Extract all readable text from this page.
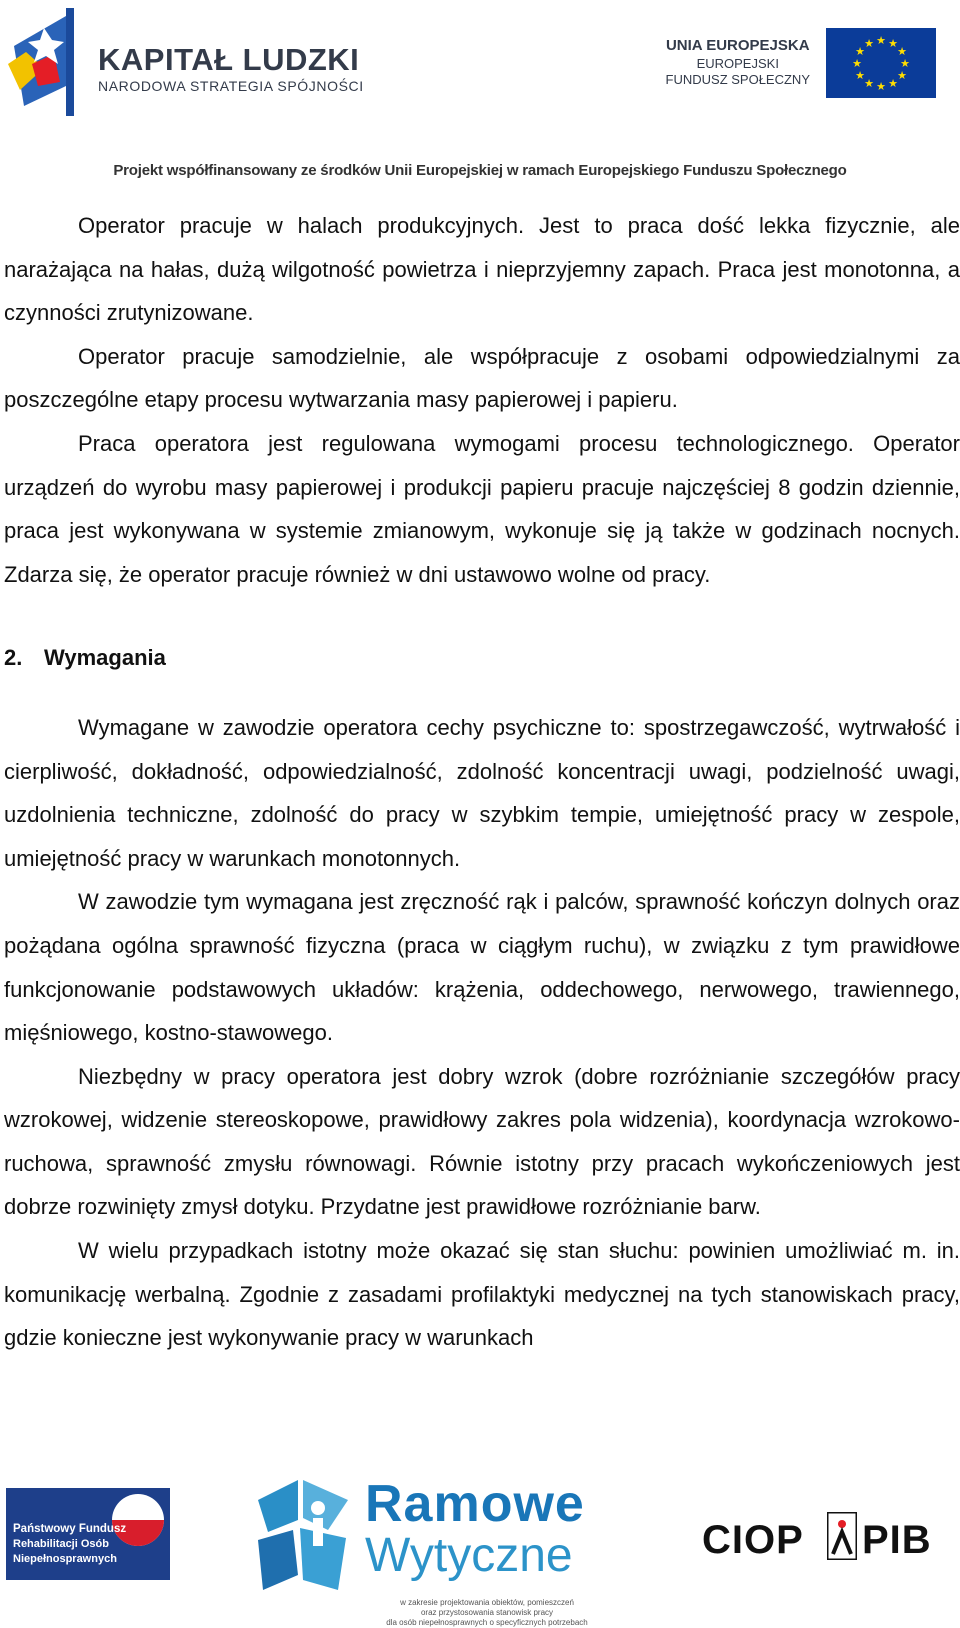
KAPITAŁ LUDZKI
NARODOWA STRATEGIA SPÓJNOŚCI
UNIA EUROPEJSKA
EUROPEJSKI
FUNDUSZ SPOŁECZNY
★ ★
★
★
★
★
★
★
★
★
★
★
Projekt współfinansowany ze środków Unii Europejskiej w ramach Europejskiego Funduszu Społecznego

Operator pracuje w halach produkcyjnych. Jest to praca dość lekka fizycznie, ale narażająca na hałas, dużą wilgotność powietrza i nieprzyjemny zapach. Praca jest monotonna, a czynności zrutynizowane.

Operator pracuje samodzielnie, ale współpracuje z osobami odpowiedzialnymi za poszczególne etapy procesu wytwarzania masy papierowej i papieru.

Praca operatora jest regulowana wymogami procesu technologicznego. Operator urządzeń do wyrobu masy papierowej i produkcji papieru pracuje najczęściej 8 godzin dziennie, praca jest wykonywana w systemie zmianowym, wykonuje się ją także w godzinach nocnych. Zdarza się, że operator pracuje również w dni ustawowo wolne od pracy.

2. Wymagania

Wymagane w zawodzie operatora cechy psychiczne to: spostrzegawczość, wytrwałość i cierpliwość, dokładność, odpowiedzialność, zdolność koncentracji uwagi, podzielność uwagi, uzdolnienia techniczne, zdolność do pracy w szybkim tempie, umiejętność pracy w zespole, umiejętność pracy w warunkach monotonnych.

W zawodzie tym wymagana jest zręczność rąk i palców, sprawność kończyn dolnych oraz pożądana ogólna sprawność fizyczna (praca w ciągłym ruchu), w związku z tym prawidłowe funkcjonowanie podstawowych układów: krążenia, oddechowego, nerwowego, trawiennego, mięśniowego, kostno-stawowego.

Niezbędny w pracy operatora jest dobry wzrok (dobre rozróżnianie szczegółów pracy wzrokowej, widzenie stereoskopowe, prawidłowy zakres pola widzenia), koordynacja wzrokowo-ruchowa, sprawność zmysłu równowagi. Równie istotny przy pracach wykończeniowych jest dobrze rozwinięty zmysł dotyku. Przydatne jest prawidłowe rozróżnianie barw.

W wielu przypadkach istotny może okazać się stan słuchu: powinien umożliwiać m. in. komunikację werbalną. Zgodnie z zasadami profilaktyki medycznej na tych stanowiskach pracy, gdzie konieczne jest wykonywanie pracy w warunkach

Państwowy Fundusz
Rehabilitacji Osób
Niepełnosprawnych
Ramowe
Wytyczne
w zakresie projektowania obiektów, pomieszczeń
oraz przystosowania stanowisk pracy
dla osób niepełnosprawnych o specyficznych potrzebach
CIOP PIB
